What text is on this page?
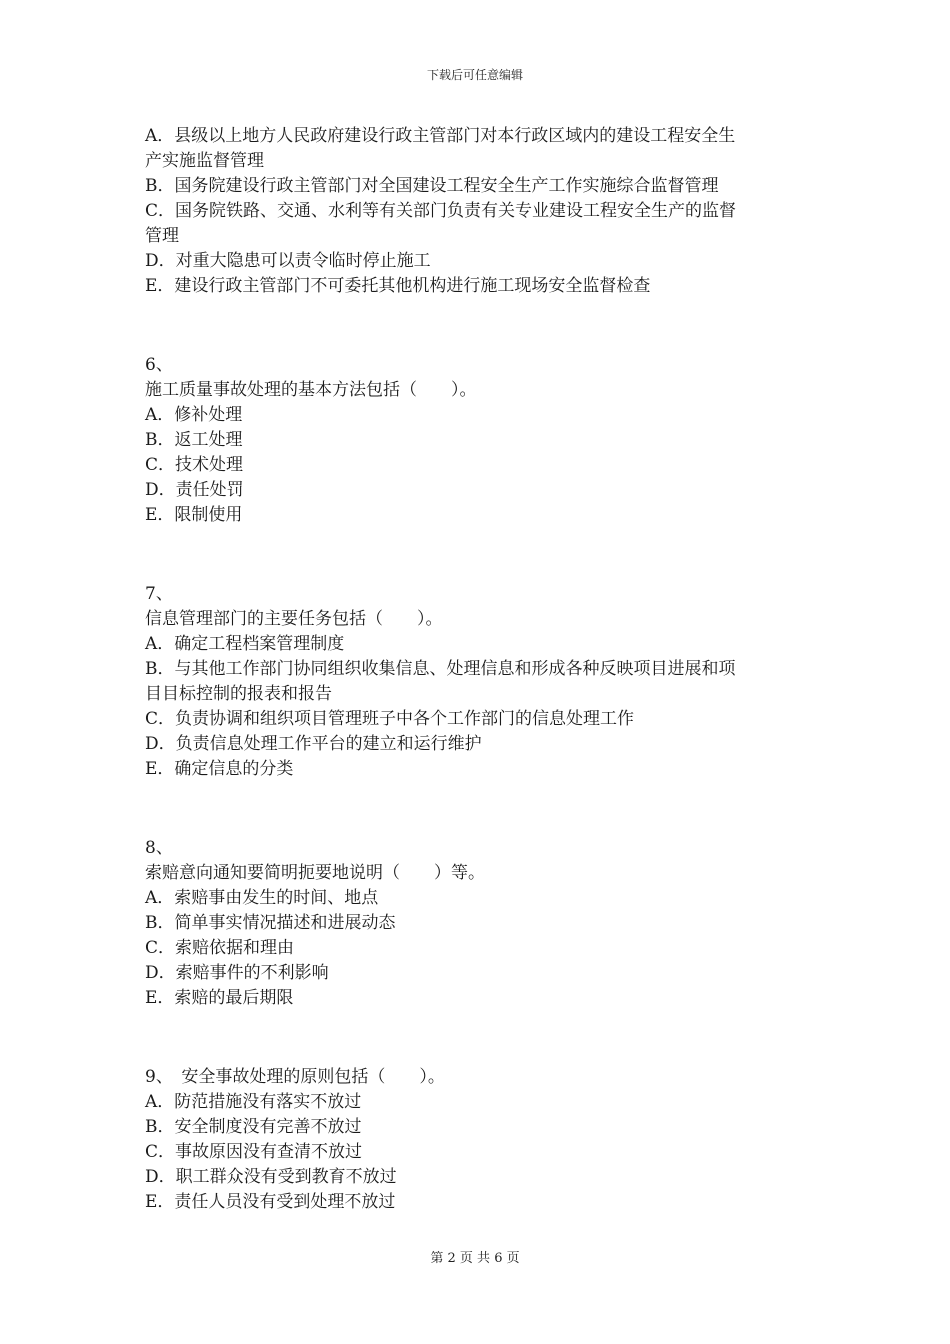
下载后可任意编辑

A．县级以上地方人民政府建设行政主管部门对本行政区域内的建设工程安全生

产实施监督管理

B．国务院建设行政主管部门对全国建设工程安全生产工作实施综合监督管理

C．国务院铁路、交通、水利等有关部门负责有关专业建设工程安全生产的监督

管理

D．对重大隐患可以责令临时停止施工

E．建设行政主管部门不可委托其他机构进行施工现场安全监督检查

6、

施工质量事故处理的基本方法包括（　　）。

A．修补处理

B．返工处理

C．技术处理

D．责任处罚

E．限制使用

7、

信息管理部门的主要任务包括（　　）。

A．确定工程档案管理制度

B．与其他工作部门协同组织收集信息、处理信息和形成各种反映项目进展和项

目目标控制的报表和报告

C．负责协调和组织项目管理班子中各个工作部门的信息处理工作

D．负责信息处理工作平台的建立和运行维护

E．确定信息的分类

8、

索赔意向通知要简明扼要地说明（　　）等。

A．索赔事由发生的时间、地点

B．简单事实情况描述和进展动态

C．索赔依据和理由

D．索赔事件的不利影响

E．索赔的最后期限

9、　 安全事故处理的原则包括（　　）。

A．防范措施没有落实不放过

B．安全制度没有完善不放过

C．事故原因没有查清不放过

D．职工群众没有受到教育不放过

E．责任人员没有受到处理不放过

第 2 页 共 6 页
